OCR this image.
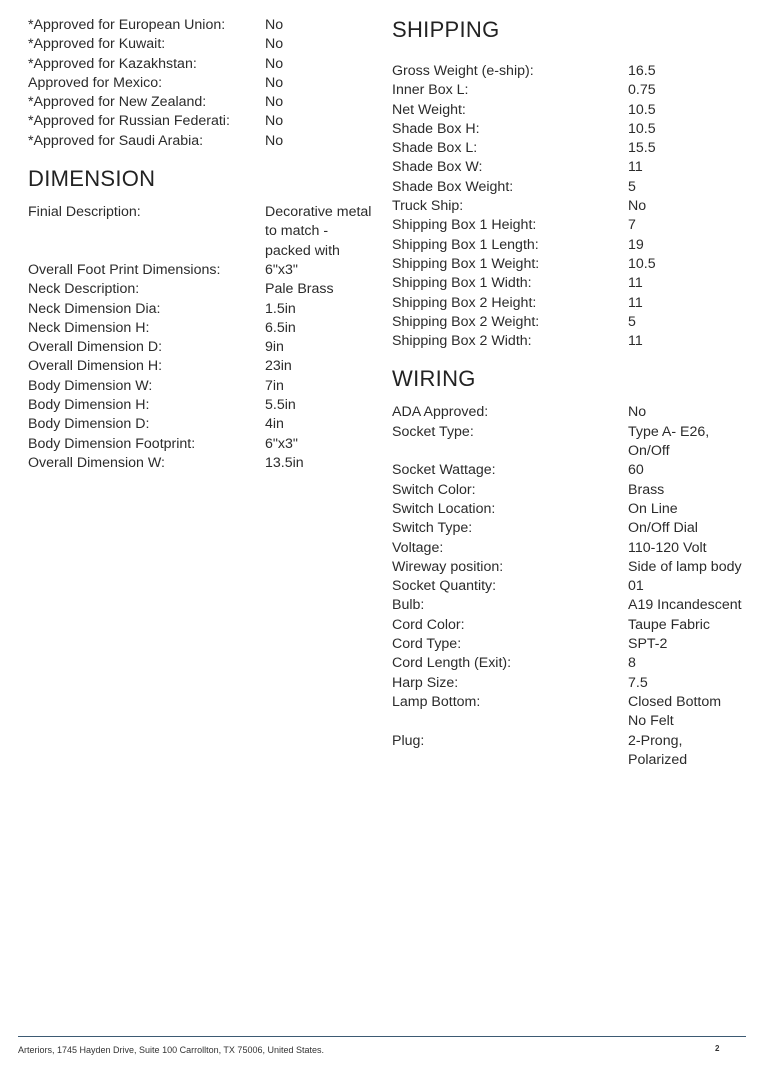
*Approved for European Union:	No
*Approved for Kuwait:	No
*Approved for Kazakhstan:	No
Approved for Mexico:	No
*Approved for New Zealand:	No
*Approved for Russian Federati:	No
*Approved for Saudi Arabia:	No
DIMENSION
Finial Description:	Decorative metal to match - packed with
Overall Foot Print Dimensions:	6"x3"
Neck Description:	Pale Brass
Neck Dimension Dia:	1.5in
Neck Dimension H:	6.5in
Overall Dimension D:	9in
Overall Dimension H:	23in
Body Dimension W:	7in
Body Dimension H:	5.5in
Body Dimension D:	4in
Body Dimension Footprint:	6"x3"
Overall Dimension W:	13.5in
SHIPPING
Gross Weight (e-ship):	16.5
Inner Box L:	0.75
Net Weight:	10.5
Shade Box H:	10.5
Shade Box L:	15.5
Shade Box W:	11
Shade Box Weight:	5
Truck Ship:	No
Shipping Box 1 Height:	7
Shipping Box 1 Length:	19
Shipping Box 1 Weight:	10.5
Shipping Box 1 Width:	11
Shipping Box 2 Height:	11
Shipping Box 2 Weight:	5
Shipping Box 2 Width:	11
WIRING
ADA Approved:	No
Socket Type:	Type A- E26, On/Off
Socket Wattage:	60
Switch Color:	Brass
Switch Location:	On Line
Switch Type:	On/Off Dial
Voltage:	110-120 Volt
Wireway position:	Side of lamp body
Socket Quantity:	01
Bulb:	A19 Incandescent
Cord Color:	Taupe Fabric
Cord Type:	SPT-2
Cord Length (Exit):	8
Harp Size:	7.5
Lamp Bottom:	Closed Bottom No Felt
Plug:	2-Prong, Polarized
Arteriors, 1745 Hayden Drive, Suite 100 Carrollton, TX 75006, United States.	2
